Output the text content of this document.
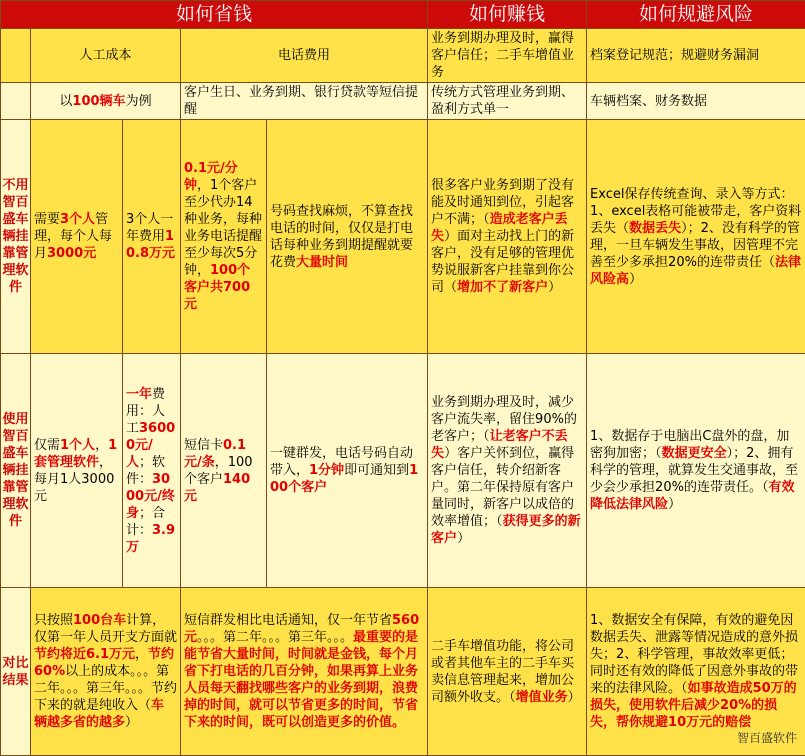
如何省钱					如何赚钱	如何规避风险
	人工成本		电话费用		业务到期办理及时，赢得客户信任；二手车增值业务	档案登记规范；规避财务漏洞
	以100辆车为例		客户生日、业务到期、银行贷款等短信提醒		传统方式管理业务到期、盈利方式单一	车辆档案、财务数据
不用智百盛车辆挂靠管理软件	需要3个人管理，每个人每月3000元	3个人一年费用10.8万元	0.1元/分钟，1个客户至少代办14种业务，每种业务电话提醒至少每次5分钟，100个客户共700元	号码查找麻烦，不算查找电话的时间，仅仅是打电话每种业务到期提醒就要花费大量时间	很多客户业务到期了没有能及时通知到位，引起客户不满；（造成老客户丢失）面对主动找上门的新客户，没有足够的管理优势说服新客户挂靠到你公司（增加不了新客户）	Excel保存传统查询、录入等方式：1、excel表格可能被带走，客户资料丢失（数据丢失）；2、没有科学的管理，一旦车辆发生事故，因管理不完善至少多承担20%的连带责任（法律风险高）
使用智百盛车辆挂靠管理软件	仅需1个人，1套管理软件，每月1人3000元	一年费用：人工36000元/人；软件：3000元/终身；合计：3.9万	短信卡0.1元/条，100个客户140元	一键群发，电话号码自动带入，1分钟即可通知到100个客户	业务到期办理及时，减少客户流失率，留住90%的老客户；（让老客户不丢失）客户关怀到位，赢得客户信任，转介绍新客户。第二年保持原有客户量同时，新客户以成倍的效率增值；（获得更多的新客户）	1、数据存于电脑出C盘外的盘，加密狗加密；（数据更安全）；2、拥有科学的管理，就算发生交通事故，至少会少承担20%的连带责任。（有效降低法律风险）
对比结果	只按照100台车计算，仅第一年人员开支方面就节约将近6.1万元，节约60%以上的成本。。。第二年。。。第三年。。。节约下来的就是纯收入（车辆越多省的越多）		短信群发相比电话通知，仅一年节省560元。。。第二年。。。第三年。。。最重要的是能节省大量时间，时间就是金钱，每个月省下打电话的几百分钟，如果再算上业务人员每天翻找哪些客户的业务到期，浪费掉的时间，就可以节省更多的时间，节省下来的时间，既可以创造更多的价值。		二手车增值功能，将公司或者其他车主的二手车买卖信息管理起来，增加公司额外收支。（增值业务）	1、数据安全有保障，有效的避免因数据丢失、泄露等情况造成的意外损失；2、科学管理，事故效率更低；同时还有效的降低了因意外事故的带来的法律风险。（如事故造成50万的损失，使用软件后减少20%的损失，帮你规避10万元的赔偿
智百盛软件
